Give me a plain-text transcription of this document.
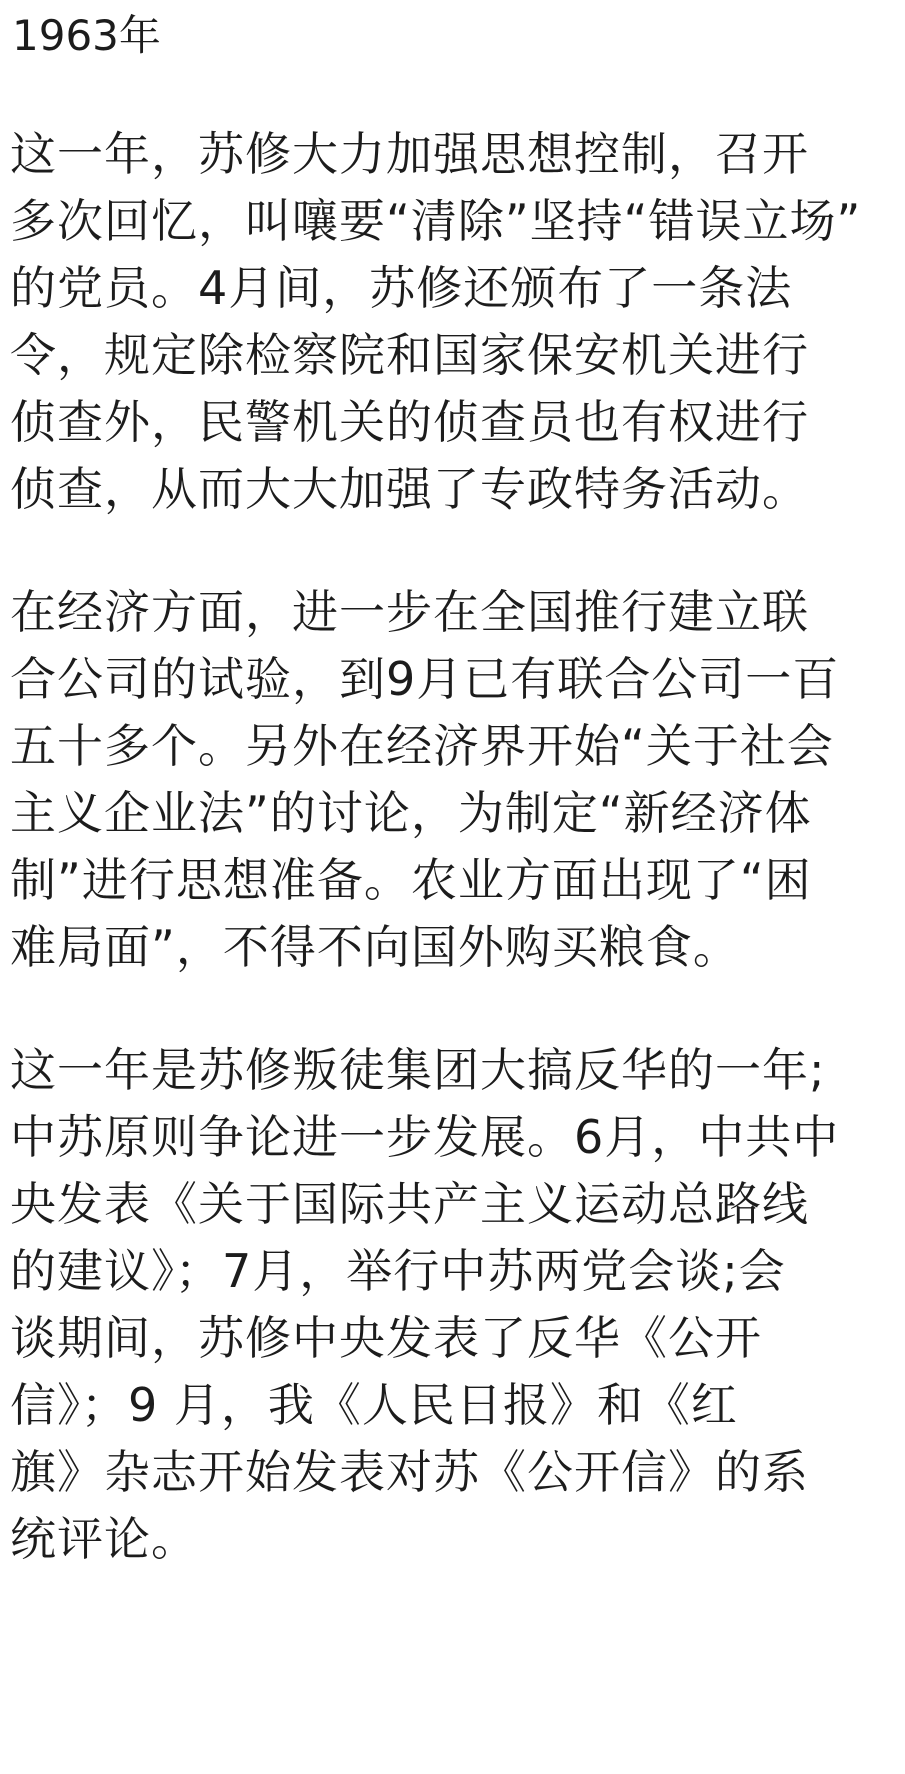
1963年

这一年，苏修大力加强思想控制，召开
多次回忆，叫嚷要“清除”坚持“错误立场”
的党员。4月间，苏修还颁布了一条法
令，规定除检察院和国家保安机关进行
侦查外，民警机关的侦查员也有权进行
侦查，从而大大加强了专政特务活动。

在经济方面，进一步在全国推行建立联
合公司的试验，到9月已有联合公司一百
五十多个。另外在经济界开始“关于社会
主义企业法”的讨论，为制定“新经济体
制”进行思想准备。农业方面出现了“困
难局面”，不得不向国外购买粮食。

这一年是苏修叛徒集团大搞反华的一年;
中苏原则争论进一步发展。6月，中共中
央发表《关于国际共产主义运动总路线
的建议》；7月，举行中苏两党会谈;会
谈期间，苏修中央发表了反华《公开
信》；9 月，我《人民日报》和《红
旗》杂志开始发表对苏《公开信》的系
统评论。
